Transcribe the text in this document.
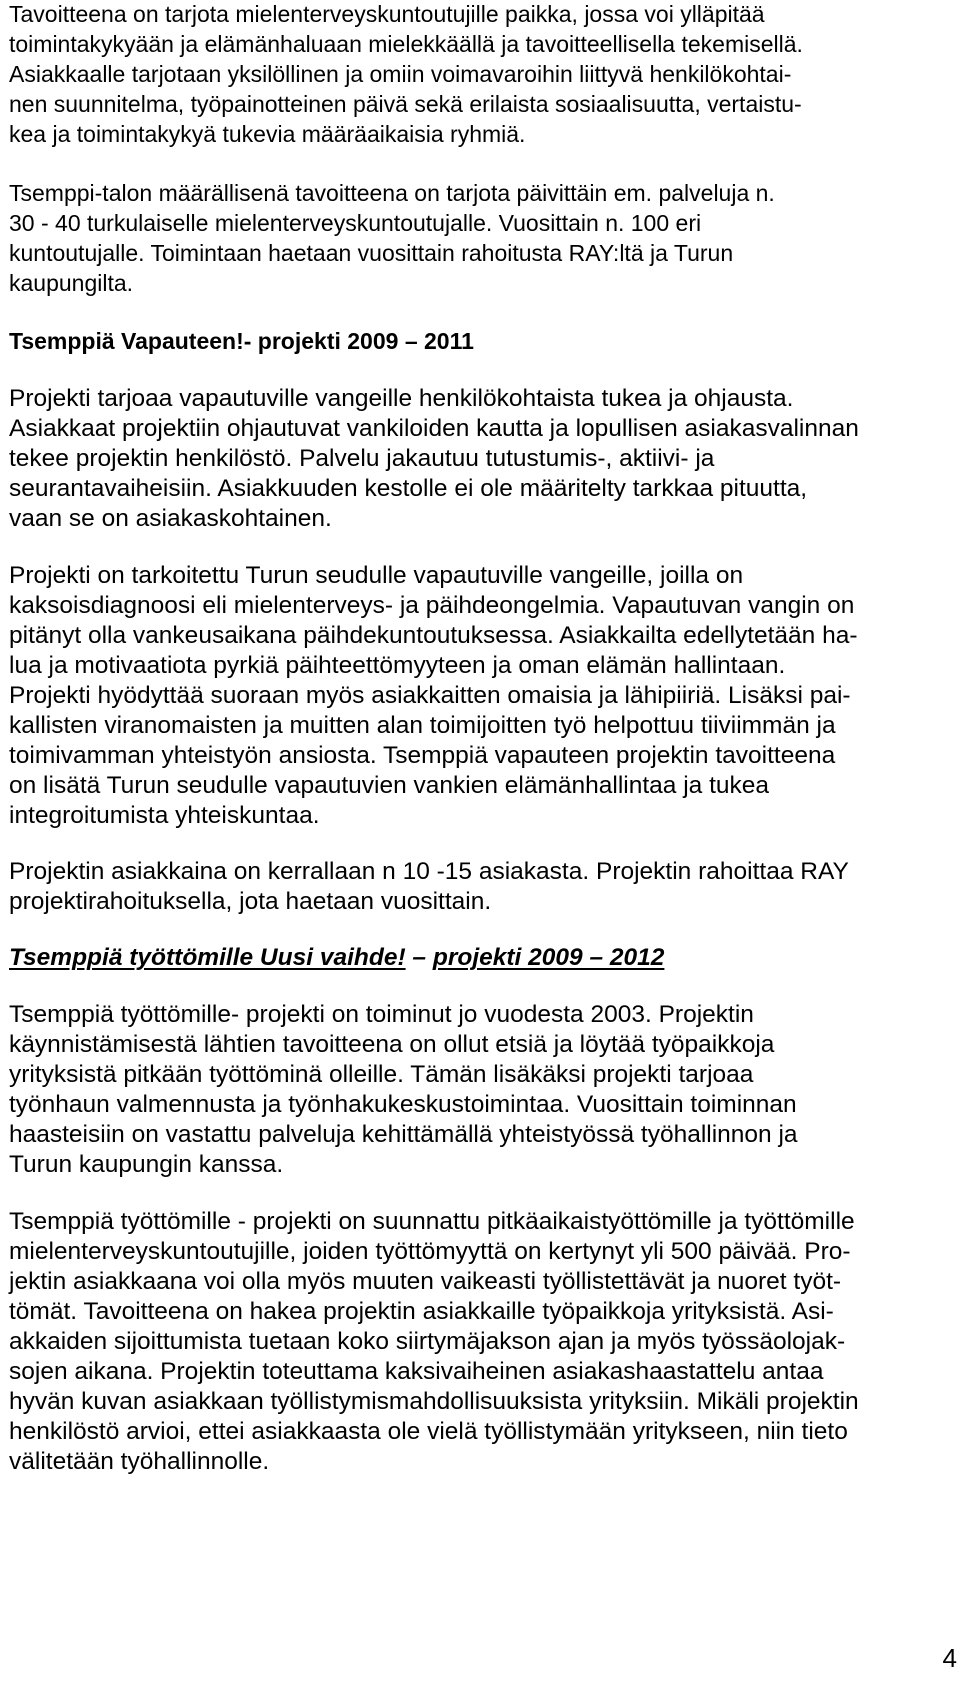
Tavoitteena on tarjota mielenterveyskuntoutujille paikka, jossa voi ylläpitää
toimintakykyään ja elämänhaluaan mielekkäällä ja tavoitteellisella tekemisellä.
Asiakkaalle tarjotaan yksilöllinen ja omiin voimavaroihin liittyvä henkilökohtai-
nen suunnitelma, työpainotteinen päivä sekä erilaista sosiaalisuutta, vertaistu-
kea ja toimintakykyä tukevia määräaikaisia ryhmiä.
Tsemppi-talon määrällisenä tavoitteena on tarjota päivittäin em. palveluja n.
30 - 40 turkulaiselle mielenterveyskuntoutujalle. Vuosittain n. 100 eri
kuntoutujalle. Toimintaan haetaan vuosittain rahoitusta RAY:ltä ja Turun
kaupungilta.
Tsemppiä Vapauteen!- projekti 2009 – 2011
Projekti tarjoaa vapautuville vangeille henkilökohtaista tukea ja ohjausta.
Asiakkaat projektiin ohjautuvat vankiloiden kautta ja lopullisen asiakasvalinnan
tekee projektin henkilöstö. Palvelu jakautuu tutustumis-, aktiivi- ja
seurantavaiheisiin. Asiakkuuden kestolle ei ole määritelty tarkkaa pituutta,
vaan se on asiakaskohtainen.
Projekti on tarkoitettu Turun seudulle vapautuville vangeille, joilla on
kaksoisdiagnoosi eli mielenterveys- ja päihdeongelmia. Vapautuvan vangin on
pitänyt olla vankeusaikana päihdekuntoutuksessa. Asiakkailta edellytetään ha-
lua ja motivaatiota pyrkiä päihteettömyyteen ja oman elämän hallintaan.
Projekti hyödyttää suoraan myös asiakkaitten omaisia ja lähipiiriä. Lisäksi pai-
kallisten viranomaisten ja muitten alan toimijoitten työ helpottuu tiiviimmän ja
toimivamman yhteistyön ansiosta. Tsemppiä vapauteen projektin tavoitteena
on lisätä Turun seudulle vapautuvien vankien elämänhallintaa ja tukea
integroitumista yhteiskuntaa.
Projektin asiakkaina on kerrallaan n 10 -15 asiakasta. Projektin rahoittaa RAY
projektirahoituksella, jota haetaan vuosittain.
Tsemppiä työttömille Uusi vaihde! – projekti 2009 – 2012
Tsemppiä työttömille- projekti on toiminut jo vuodesta 2003. Projektin
käynnistämisestä lähtien tavoitteena on ollut etsiä ja löytää työpaikkoja
yrityksistä pitkään työttöminä olleille. Tämän lisäkäksi projekti tarjoaa
työnhaun valmennusta ja työnhakukeskustoimintaa. Vuosittain toiminnan
haasteisiin on vastattu palveluja kehittämällä yhteistyössä työhallinnon ja
Turun kaupungin kanssa.
Tsemppiä työttömille - projekti on suunnattu pitkäaikaistyöttömille ja työttömille
mielenterveyskuntoutujille, joiden työttömyyttä on kertynyt yli 500 päivää. Pro-
jektin asiakkaana voi olla myös muuten vaikeasti työllistettävät ja nuoret työt-
tömät. Tavoitteena on hakea projektin asiakkaille työpaikkoja yrityksistä. Asi-
akkaiden sijoittumista tuetaan koko siirtymäjakson ajan ja myös työssäolojak-
sojen aikana. Projektin toteuttama kaksivaiheinen asiakashaastattelu antaa
hyvän kuvan asiakkaan työllistymismahdollisuuksista yrityksiin. Mikäli projektin
henkilöstö arvioi, ettei asiakkaasta ole vielä työllistymään yritykseen, niin tieto
välitetään työhallinnolle.
4
